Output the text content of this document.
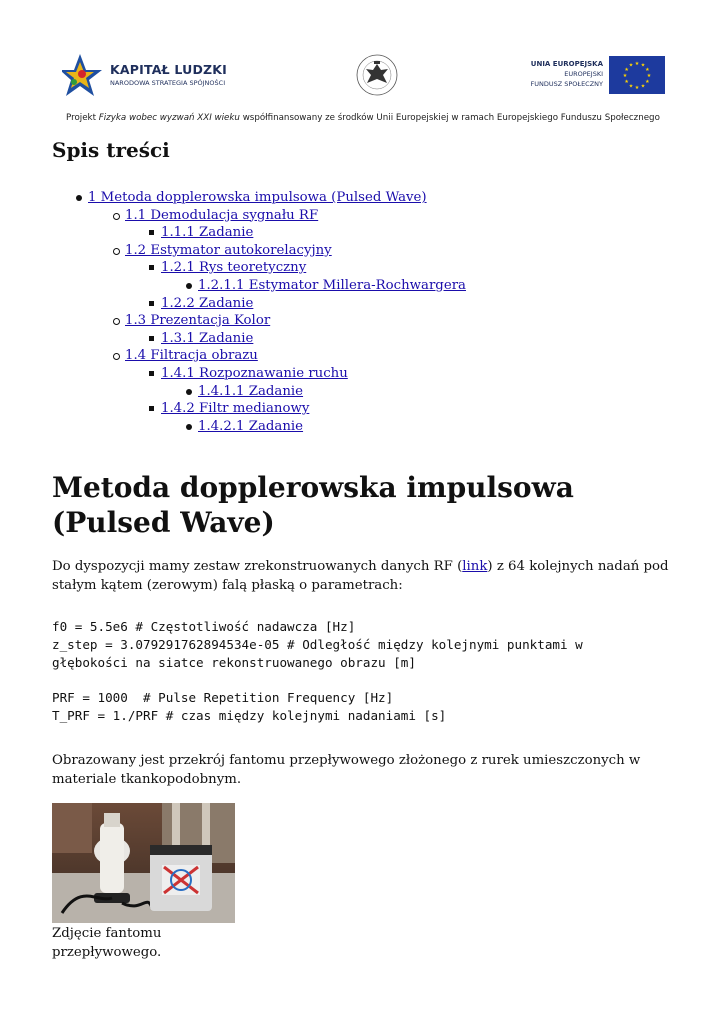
KAPITAŁ LUDZKI
NARODOWA STRATEGIA SPÓJNOŚCI
UNIA EUROPEJSKA
EUROPEJSKI
FUNDUSZ SPOŁECZNY
★
★
★
★
★
★
★
★
★ ★ ★
★
Projekt Fizyka wobec wyzwań XXI wieku współfinansowany ze środków Unii Europejskiej w ramach Europejskiego Funduszu Społecznego
Spis treści
1 Metoda dopplerowska impulsowa (Pulsed Wave)
1.1 Demodulacja sygnału RF
1.1.1 Zadanie
1.2 Estymator autokorelacyjny
1.2.1 Rys teoretyczny
1.2.1.1 Estymator Millera-Rochwargera
1.2.2 Zadanie
1.3 Prezentacja Kolor
1.3.1 Zadanie
1.4 Filtracja obrazu
1.4.1 Rozpoznawanie ruchu
1.4.1.1 Zadanie
1.4.2 Filtr medianowy
1.4.2.1 Zadanie
Metoda dopplerowska impulsowa (Pulsed Wave)

Do dyspozycji mamy zestaw zrekonstruowanych danych RF (link) z 64 kolejnych nadań pod stałym kątem (zerowym) falą płaską o parametrach:

f0 = 5.5e6 # Częstotliwość nadawcza [Hz]
z_step = 3.079291762894534e-05 # Odległość między kolejnymi punktami w
głębokości na siatce rekonstruowanego obrazu [m]

PRF = 1000  # Pulse Repetition Frequency [Hz]
T_PRF = 1./PRF # czas między kolejnymi nadaniami [s]

Obrazowany jest przekrój fantomu przepływowego złożonego z rurek umieszczonych w materiale tkankopodobnym.

Zdjęcie fantomu przepływowego.
